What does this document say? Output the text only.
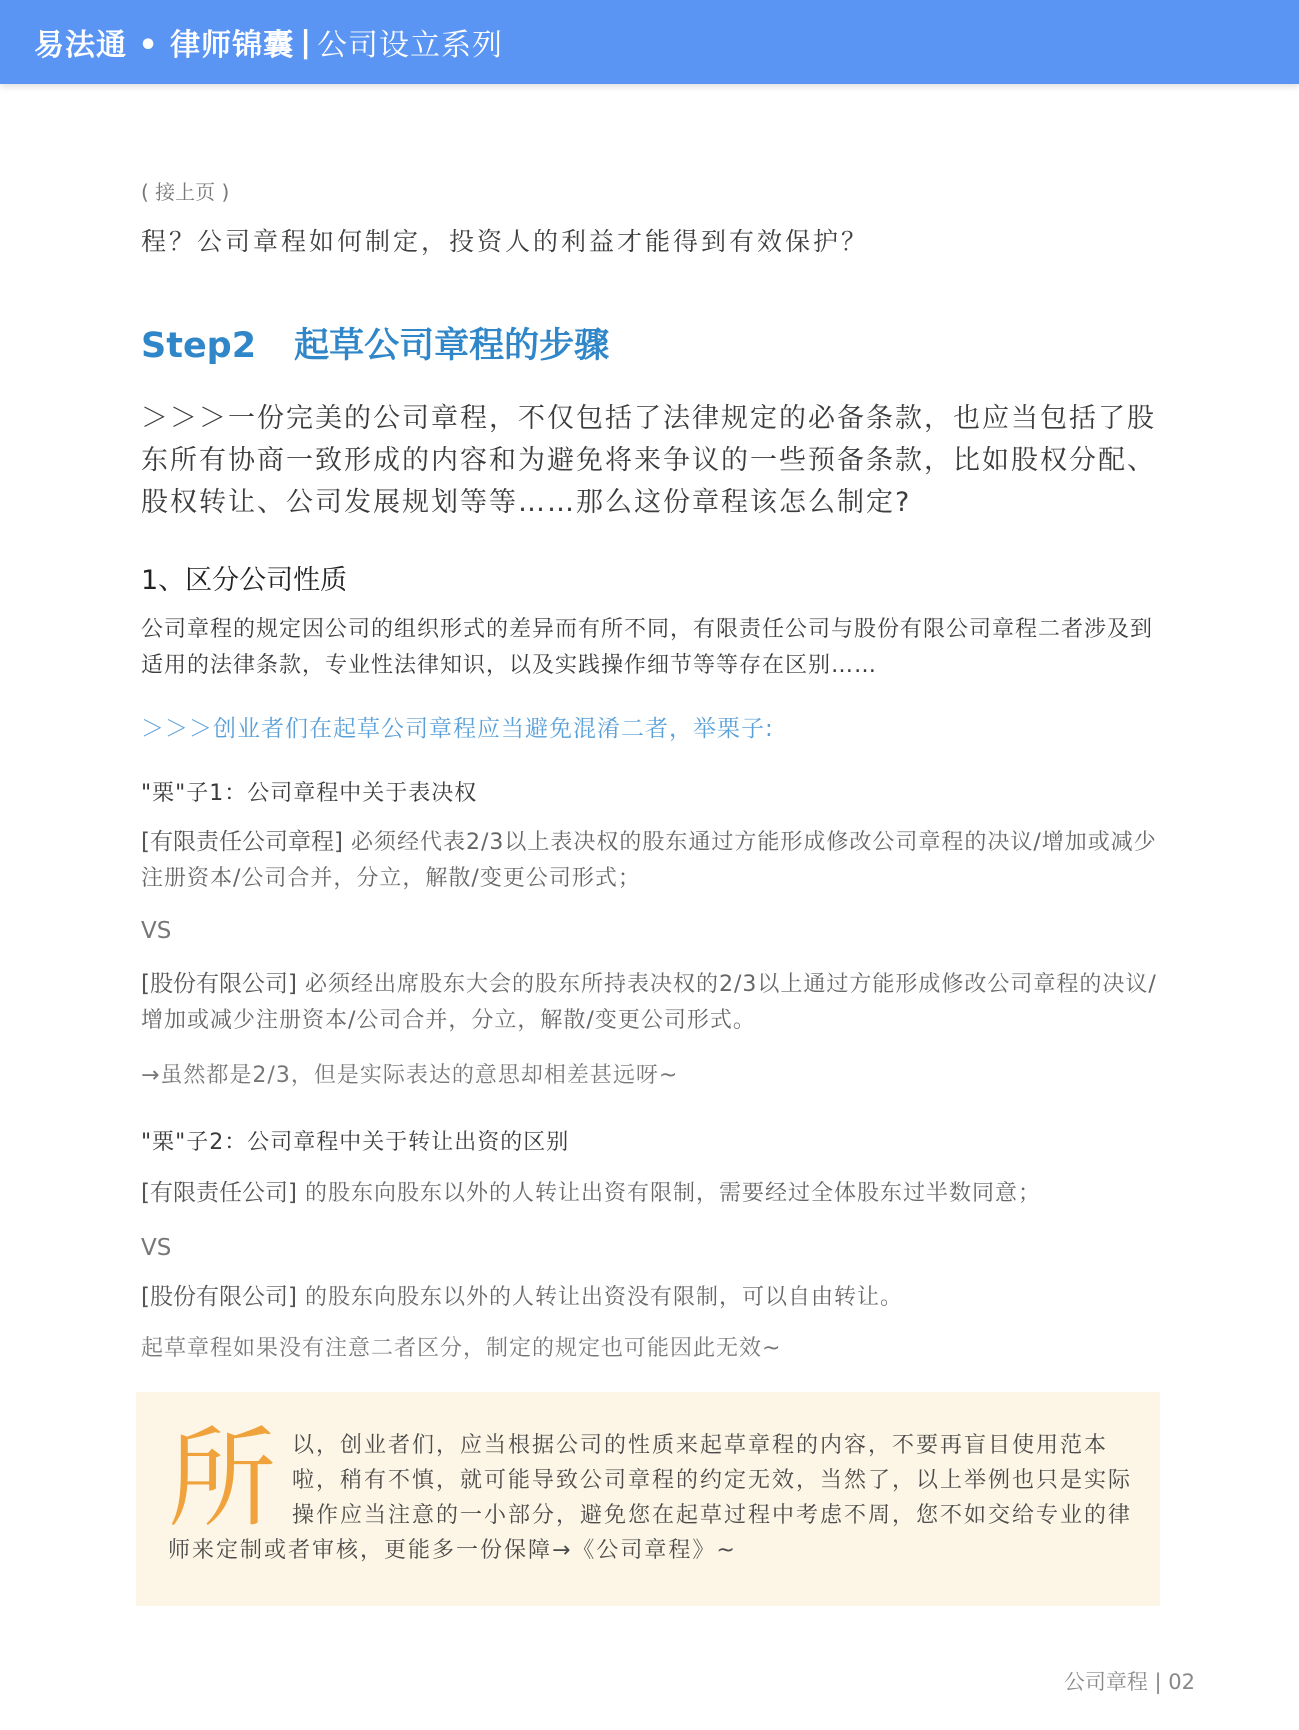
易法通 • 律师锦囊 | 公司设立系列
( 接上页 )
程？公司章程如何制定，投资人的利益才能得到有效保护？
Step2 起草公司章程的步骤
＞＞＞一份完美的公司章程，不仅包括了法律规定的必备条款，也应当包括了股东所有协商一致形成的内容和为避免将来争议的一些预备条款，比如股权分配、股权转让、公司发展规划等等……那么这份章程该怎么制定?
1、区分公司性质
公司章程的规定因公司的组织形式的差异而有所不同，有限责任公司与股份有限公司章程二者涉及到适用的法律条款，专业性法律知识，以及实践操作细节等等存在区别……
＞＞＞创业者们在起草公司章程应当避免混淆二者，举栗子:
"栗"子1：公司章程中关于表决权
[有限责任公司章程] 必须经代表2/3以上表决权的股东通过方能形成修改公司章程的决议/增加或减少注册资本/公司合并，分立，解散/变更公司形式；
VS
[股份有限公司] 必须经出席股东大会的股东所持表决权的2/3以上通过方能形成修改公司章程的决议/增加或减少注册资本/公司合并，分立，解散/变更公司形式。
→虽然都是2/3，但是实际表达的意思却相差甚远呀~
"栗"子2：公司章程中关于转让出资的区别
[有限责任公司] 的股东向股东以外的人转让出资有限制，需要经过全体股东过半数同意；
VS
[股份有限公司] 的股东向股东以外的人转让出资没有限制，可以自由转让。
起草章程如果没有注意二者区分，制定的规定也可能因此无效~
所以，创业者们，应当根据公司的性质来起草章程的内容，不要再盲目使用范本啦，稍有不慎，就可能导致公司章程的约定无效，当然了，以上举例也只是实际操作应当注意的一小部分，避免您在起草过程中考虑不周，您不如交给专业的律师来定制或者审核，更能多一份保障→《公司章程》~
公司章程 | 02
